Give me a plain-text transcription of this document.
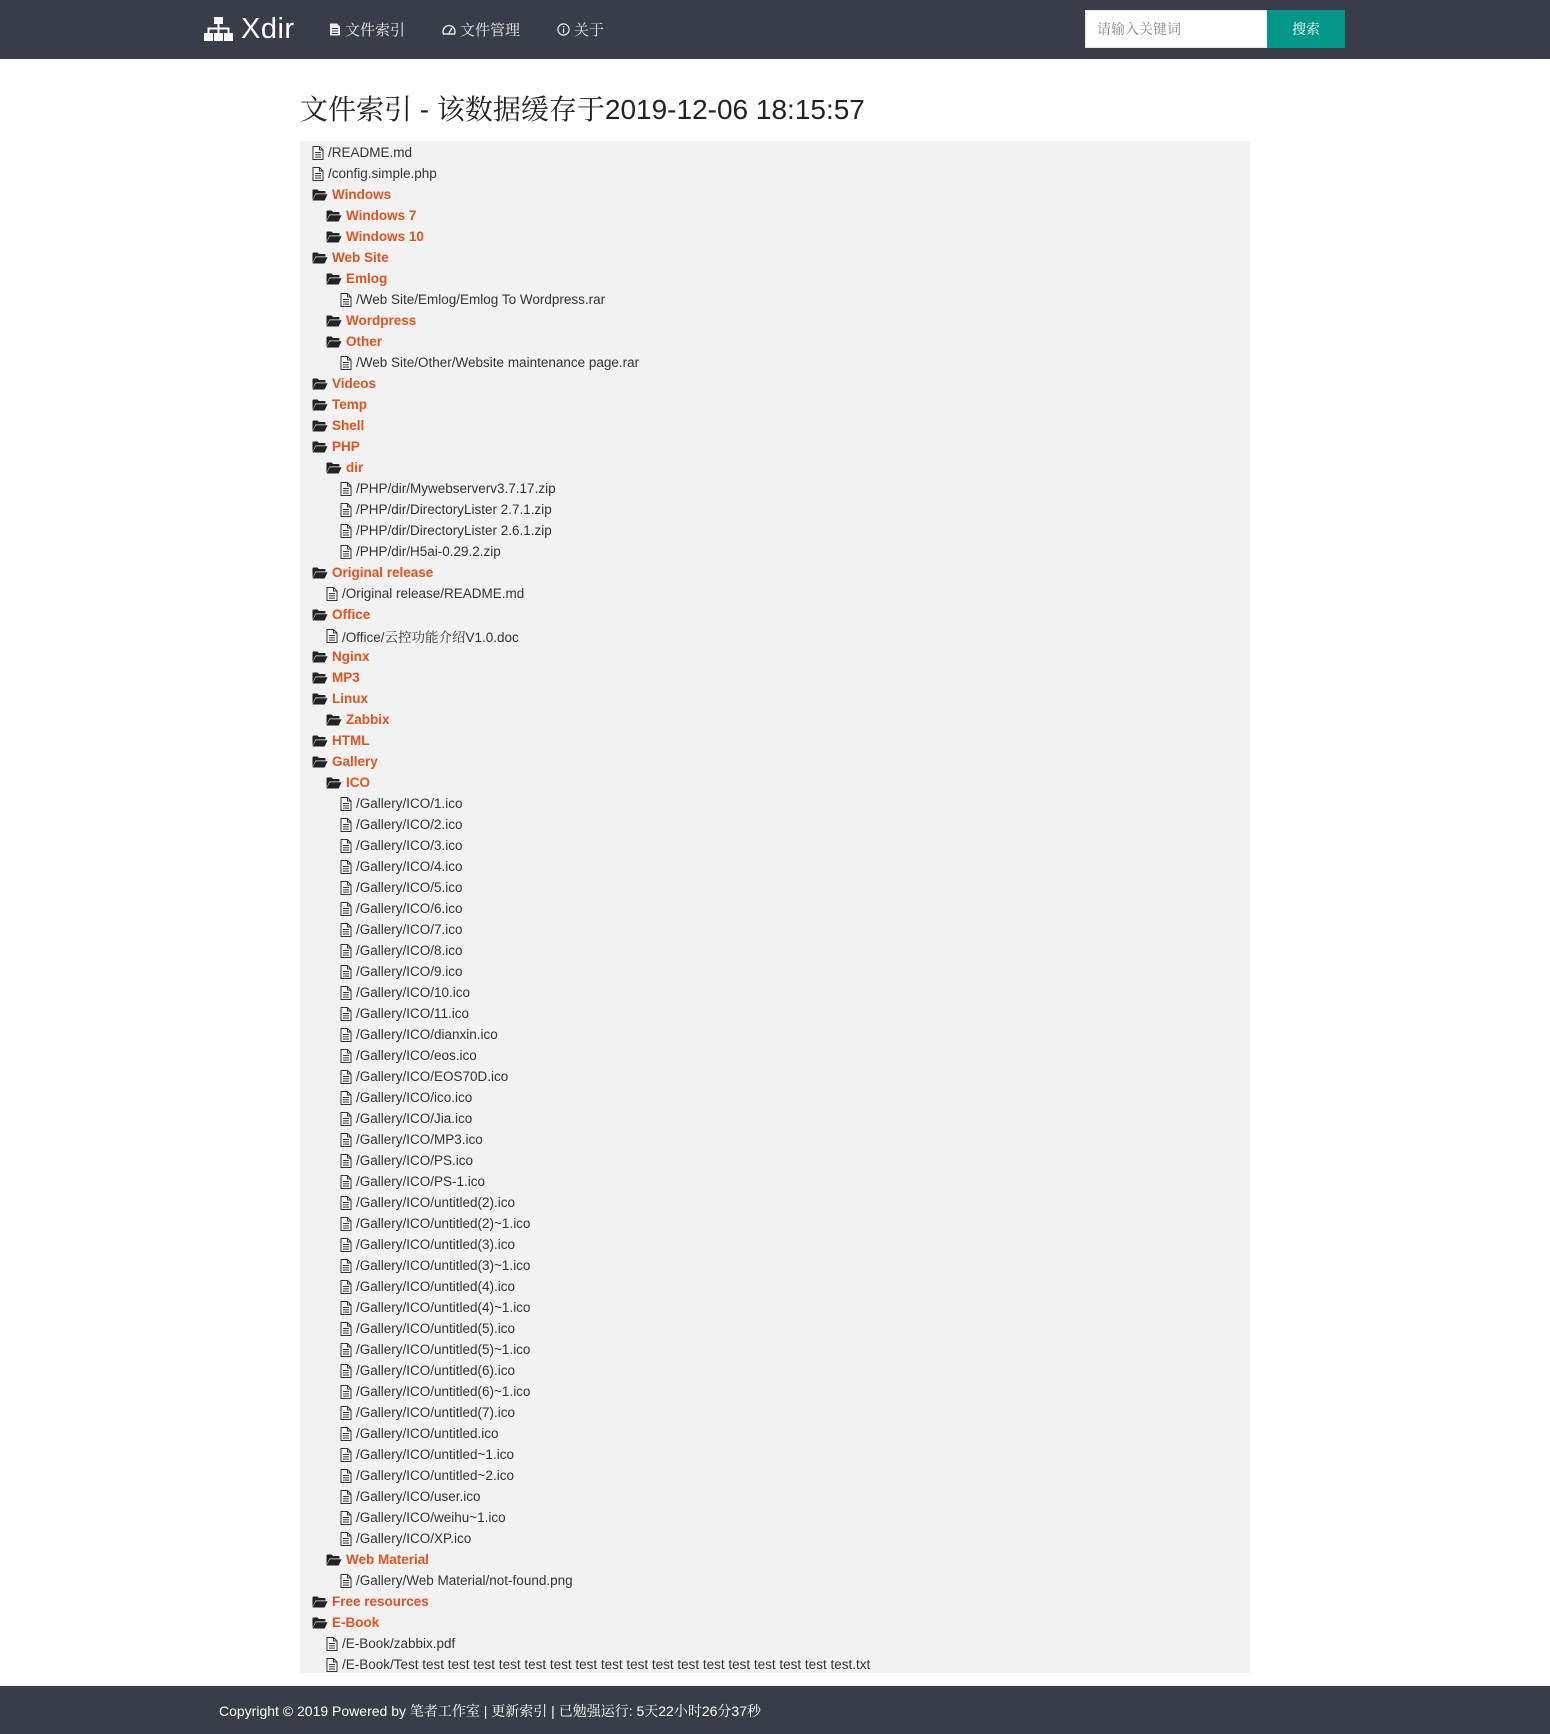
Xdir	文件索引	文件管理	关于
请输入关键词	搜索
文件索引 - 该数据缓存于2019-12-06 18:15:57
/README.md
/config.simple.php
Windows
Windows 7
Windows 10
Web Site
Emlog
/Web Site/Emlog/Emlog To Wordpress.rar
Wordpress
Other
/Web Site/Other/Website maintenance page.rar
Videos
Temp
Shell
PHP
dir
/PHP/dir/Mywebserverv3.7.17.zip
/PHP/dir/DirectoryLister 2.7.1.zip
/PHP/dir/DirectoryLister 2.6.1.zip
/PHP/dir/H5ai-0.29.2.zip
Original release
/Original release/README.md
Office
/Office/云控功能介绍V1.0.doc
Nginx
MP3
Linux
Zabbix
HTML
Gallery
ICO
/Gallery/ICO/1.ico
/Gallery/ICO/2.ico
/Gallery/ICO/3.ico
/Gallery/ICO/4.ico
/Gallery/ICO/5.ico
/Gallery/ICO/6.ico
/Gallery/ICO/7.ico
/Gallery/ICO/8.ico
/Gallery/ICO/9.ico
/Gallery/ICO/10.ico
/Gallery/ICO/11.ico
/Gallery/ICO/dianxin.ico
/Gallery/ICO/eos.ico
/Gallery/ICO/EOS70D.ico
/Gallery/ICO/ico.ico
/Gallery/ICO/Jia.ico
/Gallery/ICO/MP3.ico
/Gallery/ICO/PS.ico
/Gallery/ICO/PS-1.ico
/Gallery/ICO/untitled(2).ico
/Gallery/ICO/untitled(2)~1.ico
/Gallery/ICO/untitled(3).ico
/Gallery/ICO/untitled(3)~1.ico
/Gallery/ICO/untitled(4).ico
/Gallery/ICO/untitled(4)~1.ico
/Gallery/ICO/untitled(5).ico
/Gallery/ICO/untitled(5)~1.ico
/Gallery/ICO/untitled(6).ico
/Gallery/ICO/untitled(6)~1.ico
/Gallery/ICO/untitled(7).ico
/Gallery/ICO/untitled.ico
/Gallery/ICO/untitled~1.ico
/Gallery/ICO/untitled~2.ico
/Gallery/ICO/user.ico
/Gallery/ICO/weihu~1.ico
/Gallery/ICO/XP.ico
Web Material
/Gallery/Web Material/not-found.png
Free resources
E-Book
/E-Book/zabbix.pdf
/E-Book/Test test test test test test test test test test test test test test test test test test.txt
Copyright © 2019 Powered by 笔者工作室 | 更新索引 | 已勉强运行: 5天22小时26分37秒
